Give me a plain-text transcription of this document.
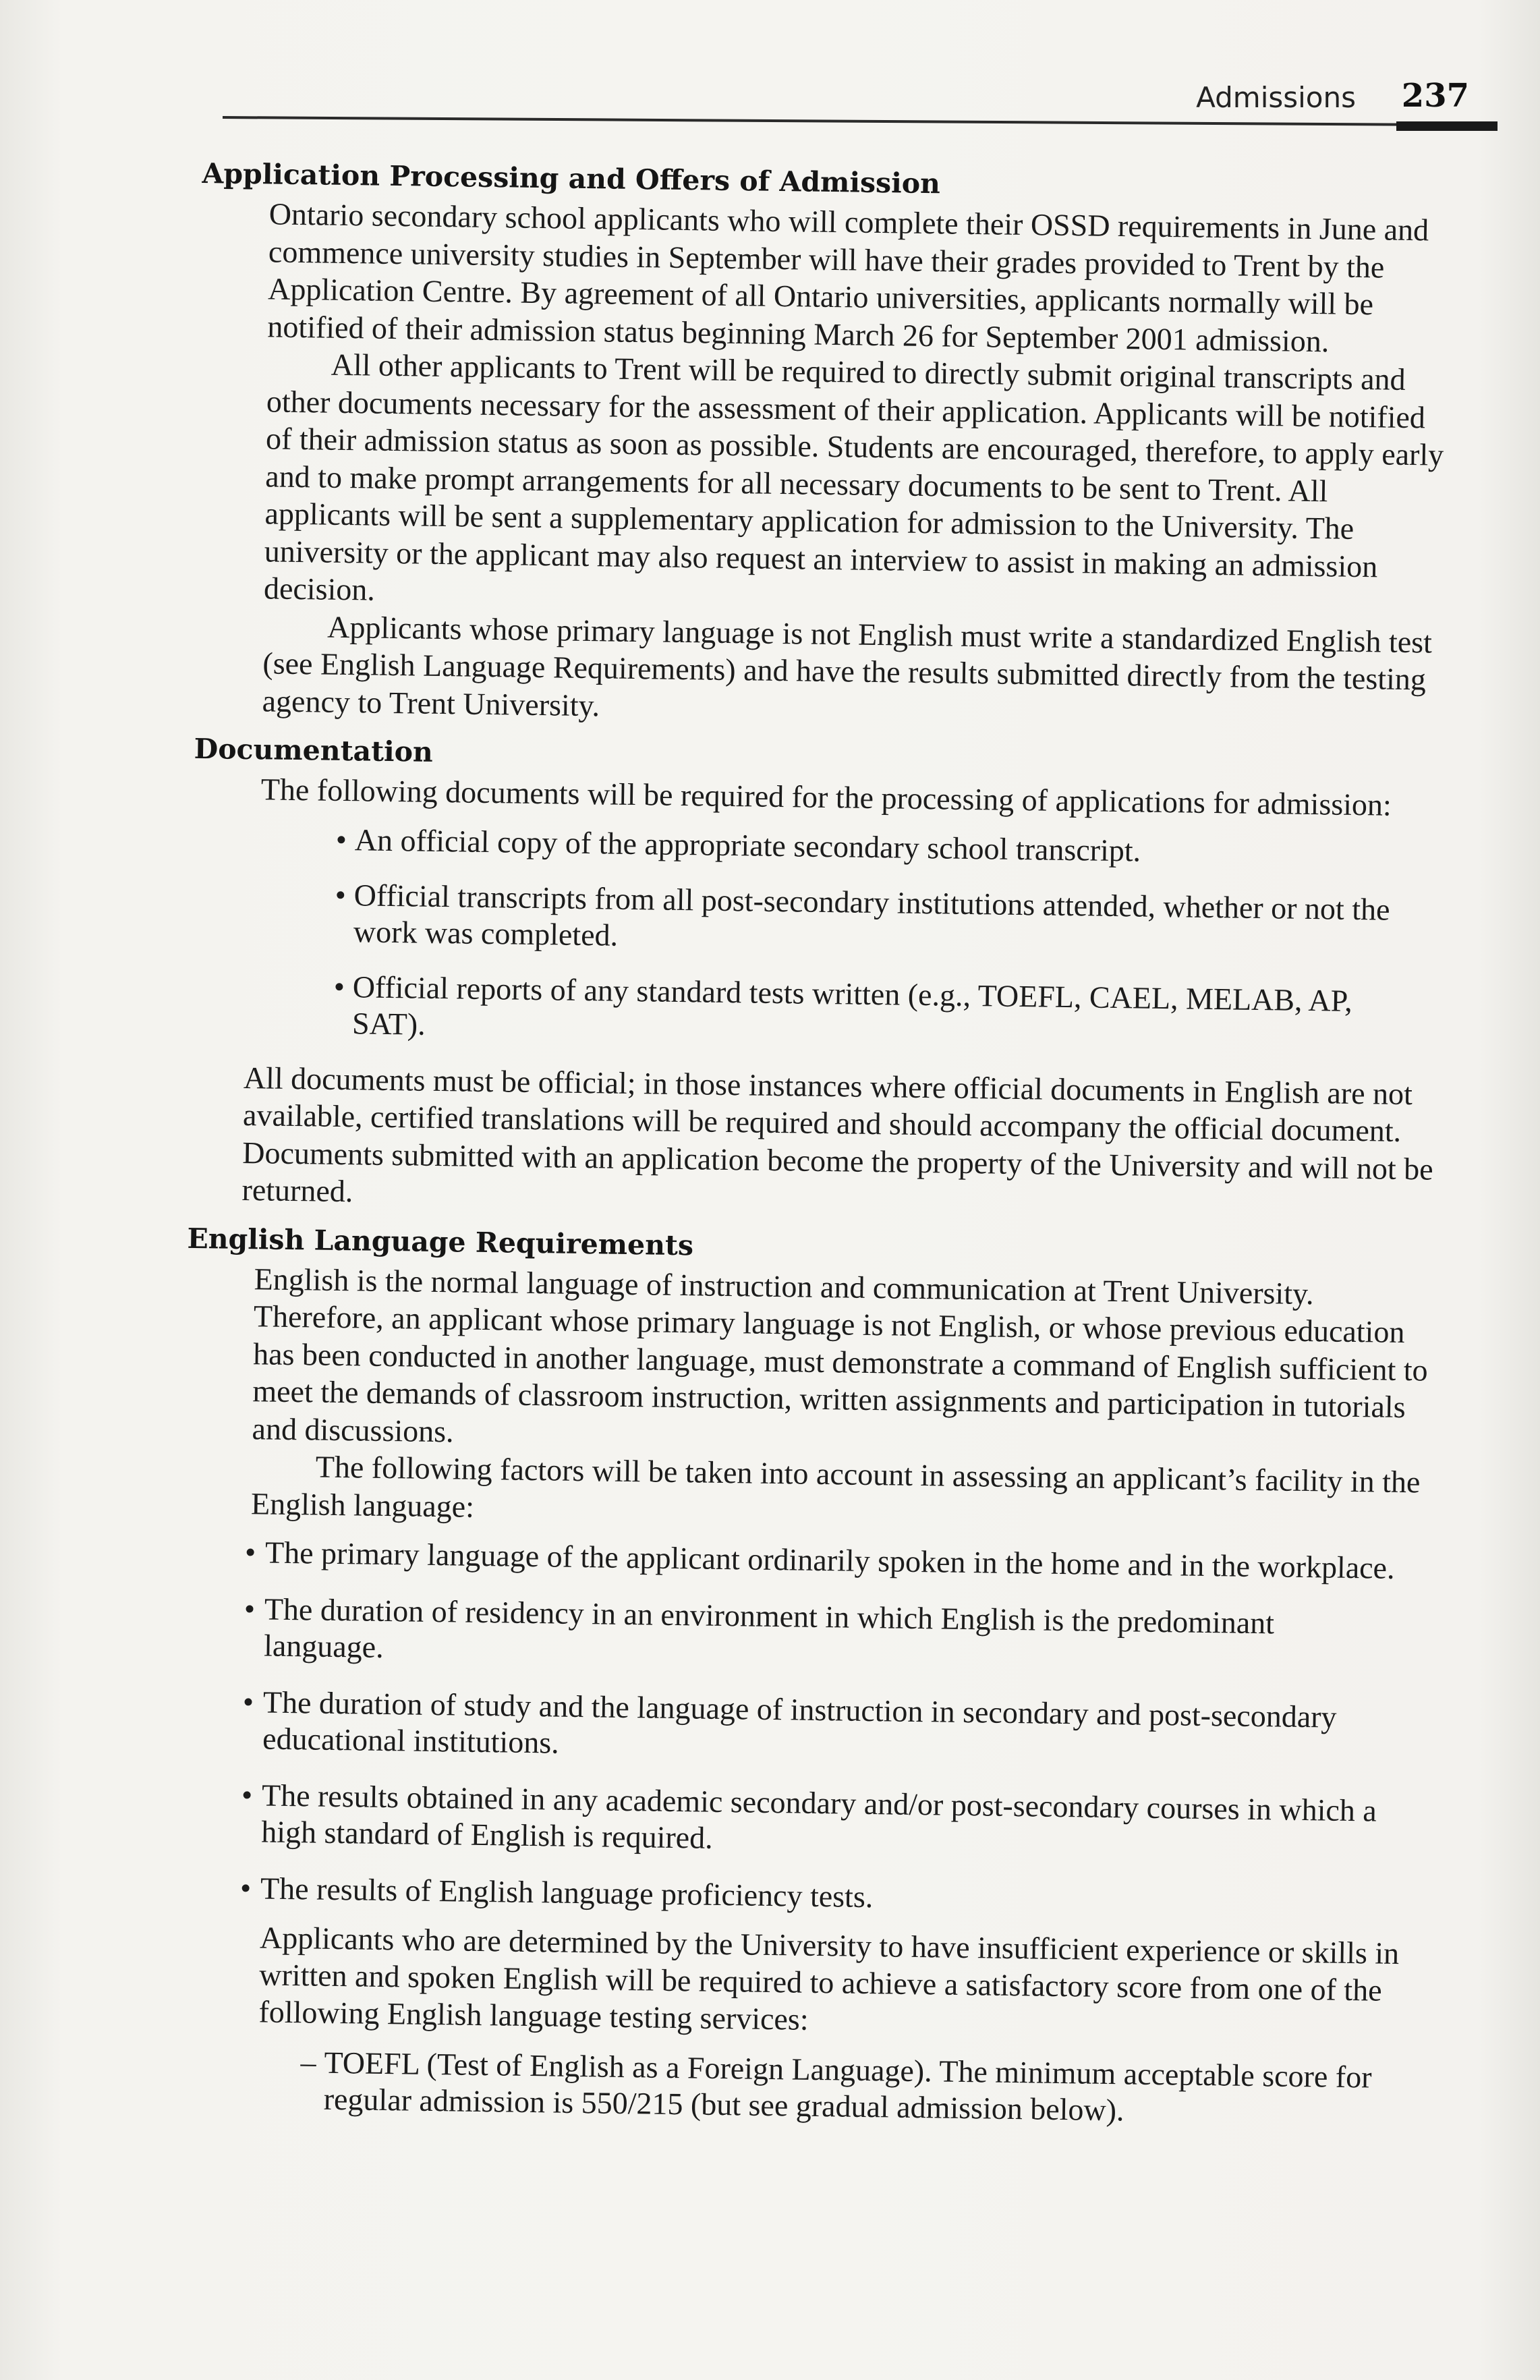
Admissions 237
Application Processing and Offers of Admission

Ontario secondary school applicants who will complete their OSSD requirements in June and commence university studies in September will have their grades provided to Trent by the Application Centre. By agreement of all Ontario universities, applicants normally will be notified of their admission status beginning March 26 for September 2001 admission.

All other applicants to Trent will be required to directly submit original transcripts and other documents necessary for the assessment of their application. Applicants will be notified of their admission status as soon as possible. Students are encouraged, therefore, to apply early and to make prompt arrangements for all necessary documents to be sent to Trent. All applicants will be sent a supplementary application for admission to the University. The university or the applicant may also request an interview to assist in making an admission decision.

Applicants whose primary language is not English must write a standardized English test (see English Language Requirements) and have the results submitted directly from the testing agency to Trent University.

Documentation

The following documents will be required for the processing of applications for admission:

• An official copy of the appropriate secondary school transcript.
• Official transcripts from all post-secondary institutions attended, whether or not the work was completed.
• Official reports of any standard tests written (e.g., TOEFL, CAEL, MELAB, AP, SAT).

All documents must be official; in those instances where official documents in English are not available, certified translations will be required and should accompany the official document. Documents submitted with an application become the property of the University and will not be returned.

English Language Requirements

English is the normal language of instruction and communication at Trent University. Therefore, an applicant whose primary language is not English, or whose previous education has been conducted in another language, must demonstrate a command of English sufficient to meet the demands of classroom instruction, written assignments and participation in tutorials and discussions.

The following factors will be taken into account in assessing an applicant’s facility in the English language:

• The primary language of the applicant ordinarily spoken in the home and in the workplace.
• The duration of residency in an environment in which English is the predominant language.
• The duration of study and the language of instruction in secondary and post-secondary educational institutions.
• The results obtained in any academic secondary and/or post-secondary courses in which a high standard of English is required.
• The results of English language proficiency tests.

Applicants who are determined by the University to have insufficient experience or skills in written and spoken English will be required to achieve a satisfactory score from one of the following English language testing services:

– TOEFL (Test of English as a Foreign Language). The minimum acceptable score for regular admission is 550/215 (but see gradual admission below).
